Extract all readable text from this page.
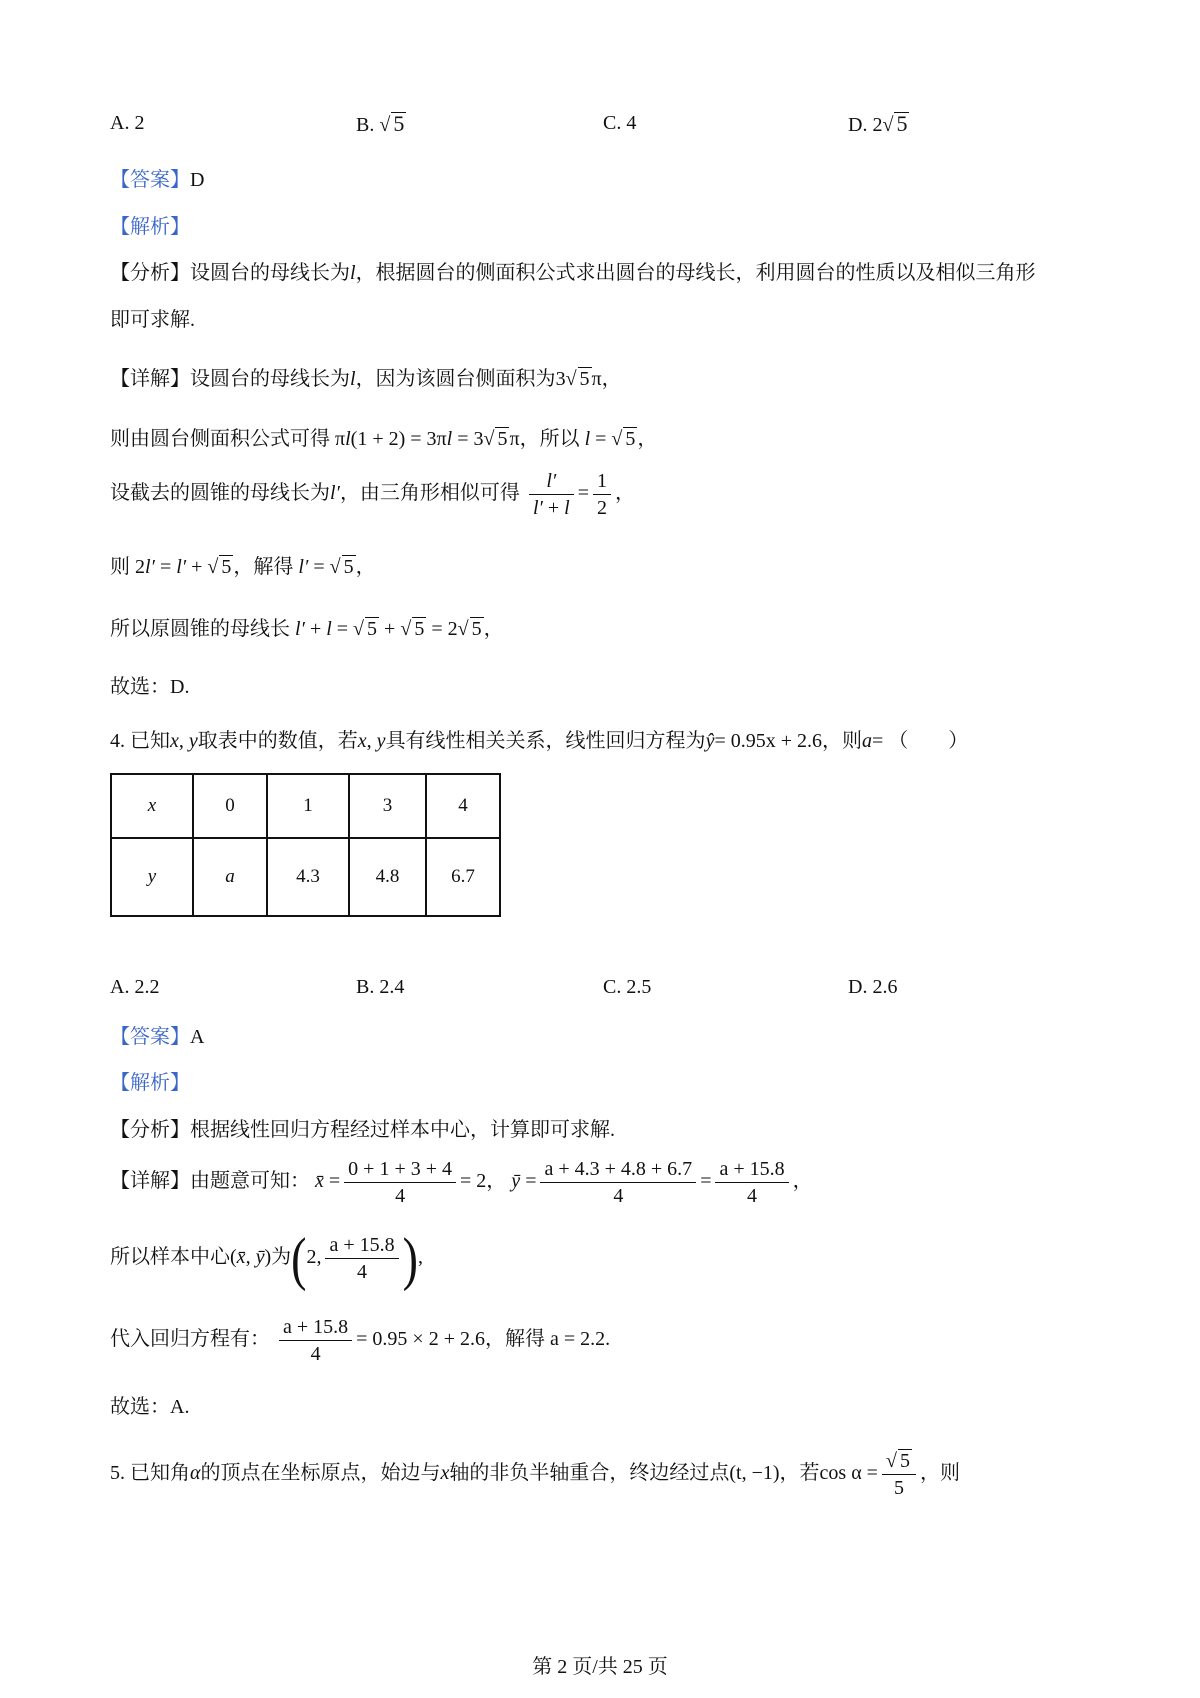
A. 2	B. √ 5	C. 4	D. 2√ 5
【答案】D
【解析】
【分析】设圆台的母线长为l，根据圆台的侧面积公式求出圆台的母线长，利用圆台的性质以及相似三角形
即可求解.
【详解】设圆台的母线长为l，因为该圆台侧面积为3√ 5 π，
则由圆台侧面积公式可得 πl(1 + 2) = 3πl = 3√ 5 π，所以 l = √ 5 ，
设截去的圆锥的母线长为l′，由三角形相似可得 $\frac{l'}{l' + l} = \frac{1}{2}$ ，
则 2l′ = l′ + √ 5 ，解得 l′ = √ 5 ，
所以原圆锥的母线长 l′ + l = √ 5 + √ 5 = 2√ 5 ，
故选：D.
4. 已知x, y取表中的数值，若x, y具有线性相关关系，线性回归方程为ŷ= 0.95x + 2.6，则a= （　　）
x	0	1	3	4
y	a	4.3	4.8	6.7
A. 2.2	B. 2.4	C. 2.5	D. 2.6
【答案】A
【解析】
【分析】根据线性回归方程经过样本中心，计算即可求解.
【详解】由题意可知： x̄ = $\frac{0 + 1 + 3 + 4}{4} = 2$， ȳ = $\frac{a + 4.3 + 4.8 + 6.7}{4} = \frac{a + 15.8}{4}$ ，
所以样本中心(x̄, ȳ)为(2, $\frac{a + 15.8}{4}$ ),
代入回归方程有： $\frac{a + 15.8}{4} = 0.95 \times 2 + 2.6$，解得 a = 2.2.
故选：A.
5. 已知角α的顶点在坐标原点，始边与x轴的非负半轴重合，终边经过点(t, −1)，若$\cos \alpha = \frac{√ 5}{5}$ ，则
第 2 页/共 25 页
